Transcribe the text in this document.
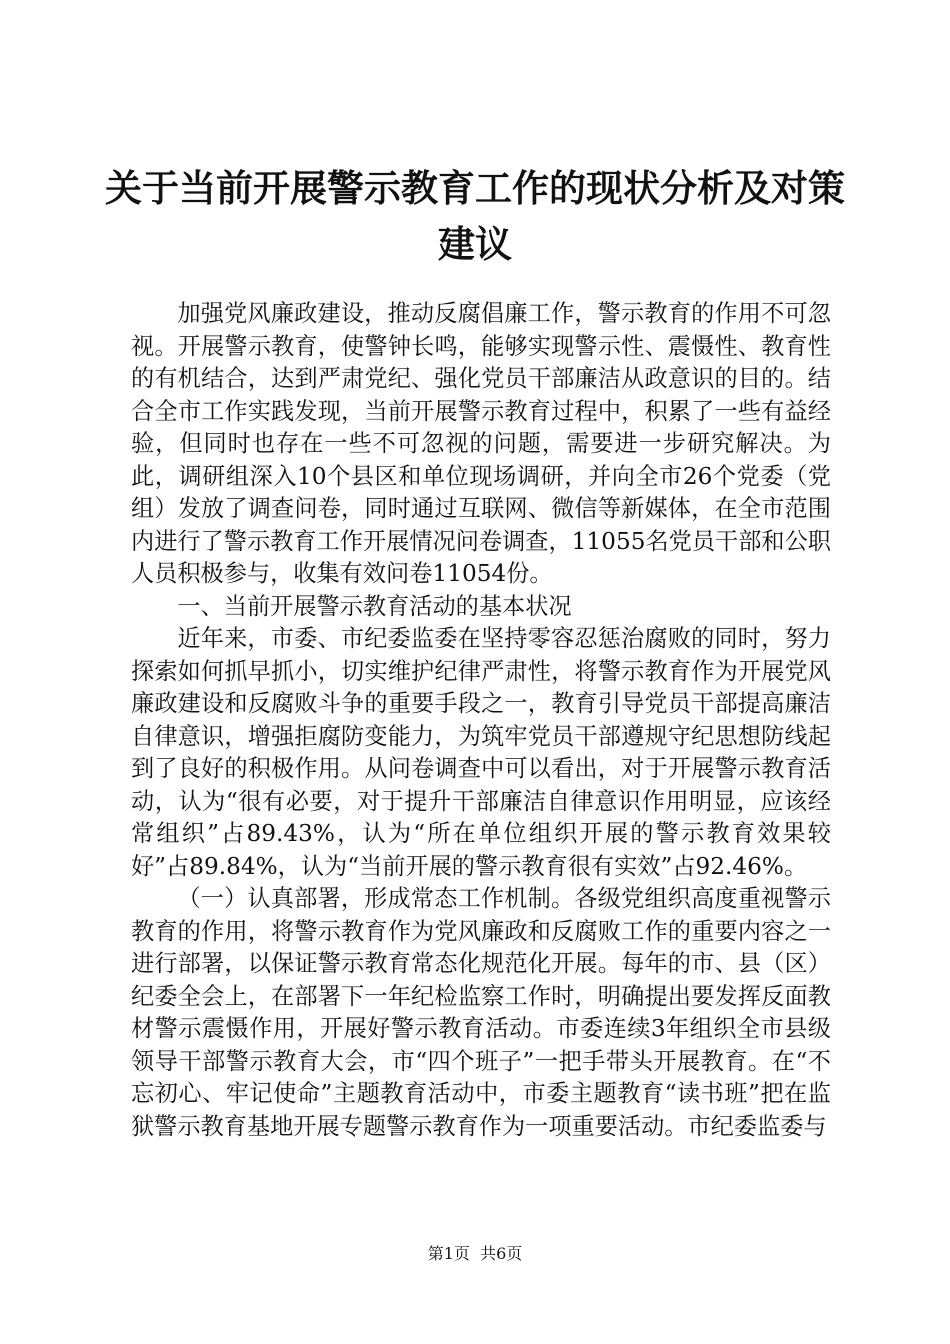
关于当前开展警示教育工作的现状分析及对策建议

加强党风廉政建设，推动反腐倡廉工作，警示教育的作用不可忽视。开展警示教育，使警钟长鸣，能够实现警示性、震慑性、教育性的有机结合，达到严肃党纪、强化党员干部廉洁从政意识的目的。结合全市工作实践发现，当前开展警示教育过程中，积累了一些有益经验，但同时也存在一些不可忽视的问题，需要进一步研究解决。为此，调研组深入10个县区和单位现场调研，并向全市26个党委（党组）发放了调查问卷，同时通过互联网、微信等新媒体，在全市范围内进行了警示教育工作开展情况问卷调查，11055名党员干部和公职人员积极参与，收集有效问卷11054份。

一、当前开展警示教育活动的基本状况

近年来，市委、市纪委监委在坚持零容忍惩治腐败的同时，努力探索如何抓早抓小，切实维护纪律严肃性，将警示教育作为开展党风廉政建设和反腐败斗争的重要手段之一，教育引导党员干部提高廉洁自律意识，增强拒腐防变能力，为筑牢党员干部遵规守纪思想防线起到了良好的积极作用。从问卷调查中可以看出，对于开展警示教育活动，认为“很有必要，对于提升干部廉洁自律意识作用明显，应该经常组织”占89.43%，认为“所在单位组织开展的警示教育效果较好”占89.84%，认为“当前开展的警示教育很有实效”占92.46%。

（一）认真部署，形成常态工作机制。各级党组织高度重视警示教育的作用，将警示教育作为党风廉政和反腐败工作的重要内容之一进行部署，以保证警示教育常态化规范化开展。每年的市、县（区）纪委全会上，在部署下一年纪检监察工作时，明确提出要发挥反面教材警示震慑作用，开展好警示教育活动。市委连续3年组织全市县级领导干部警示教育大会，市“四个班子”一把手带头开展教育。在“不忘初心、牢记使命”主题教育活动中，市委主题教育“读书班”把在监狱警示教育基地开展专题警示教育作为一项重要活动。市纪委监委与

第1页  共6页
